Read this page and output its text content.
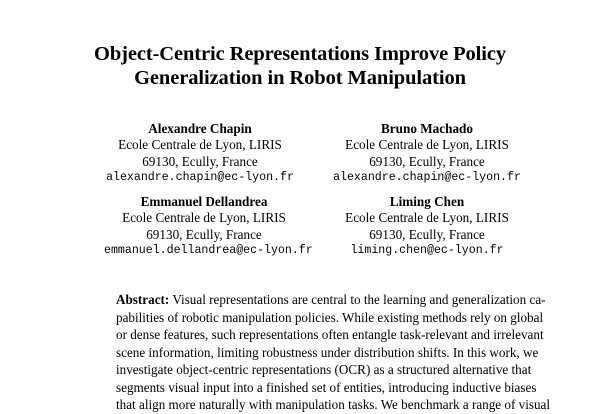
Object-Centric Representations Improve Policy
Generalization in Robot Manipulation
Alexandre Chapin
Ecole Centrale de Lyon, LIRIS
69130, Ecully, France
alexandre.chapin@ec-lyon.fr
Bruno Machado
Ecole Centrale de Lyon, LIRIS
69130, Ecully, France
alexandre.chapin@ec-lyon.fr
Emmanuel Dellandrea
Ecole Centrale de Lyon, LIRIS
69130, Ecully, France
emmanuel.dellandrea@ec-lyon.fr
Liming Chen
Ecole Centrale de Lyon, LIRIS
69130, Ecully, France
liming.chen@ec-lyon.fr
Abstract: Visual representations are central to the learning and generalization ca-
pabilities of robotic manipulation policies. While existing methods rely on global
or dense features, such representations often entangle task-relevant and irrelevant
scene information, limiting robustness under distribution shifts. In this work, we
investigate object-centric representations (OCR) as a structured alternative that
segments visual input into a finished set of entities, introducing inductive biases
that align more naturally with manipulation tasks. We benchmark a range of visual
